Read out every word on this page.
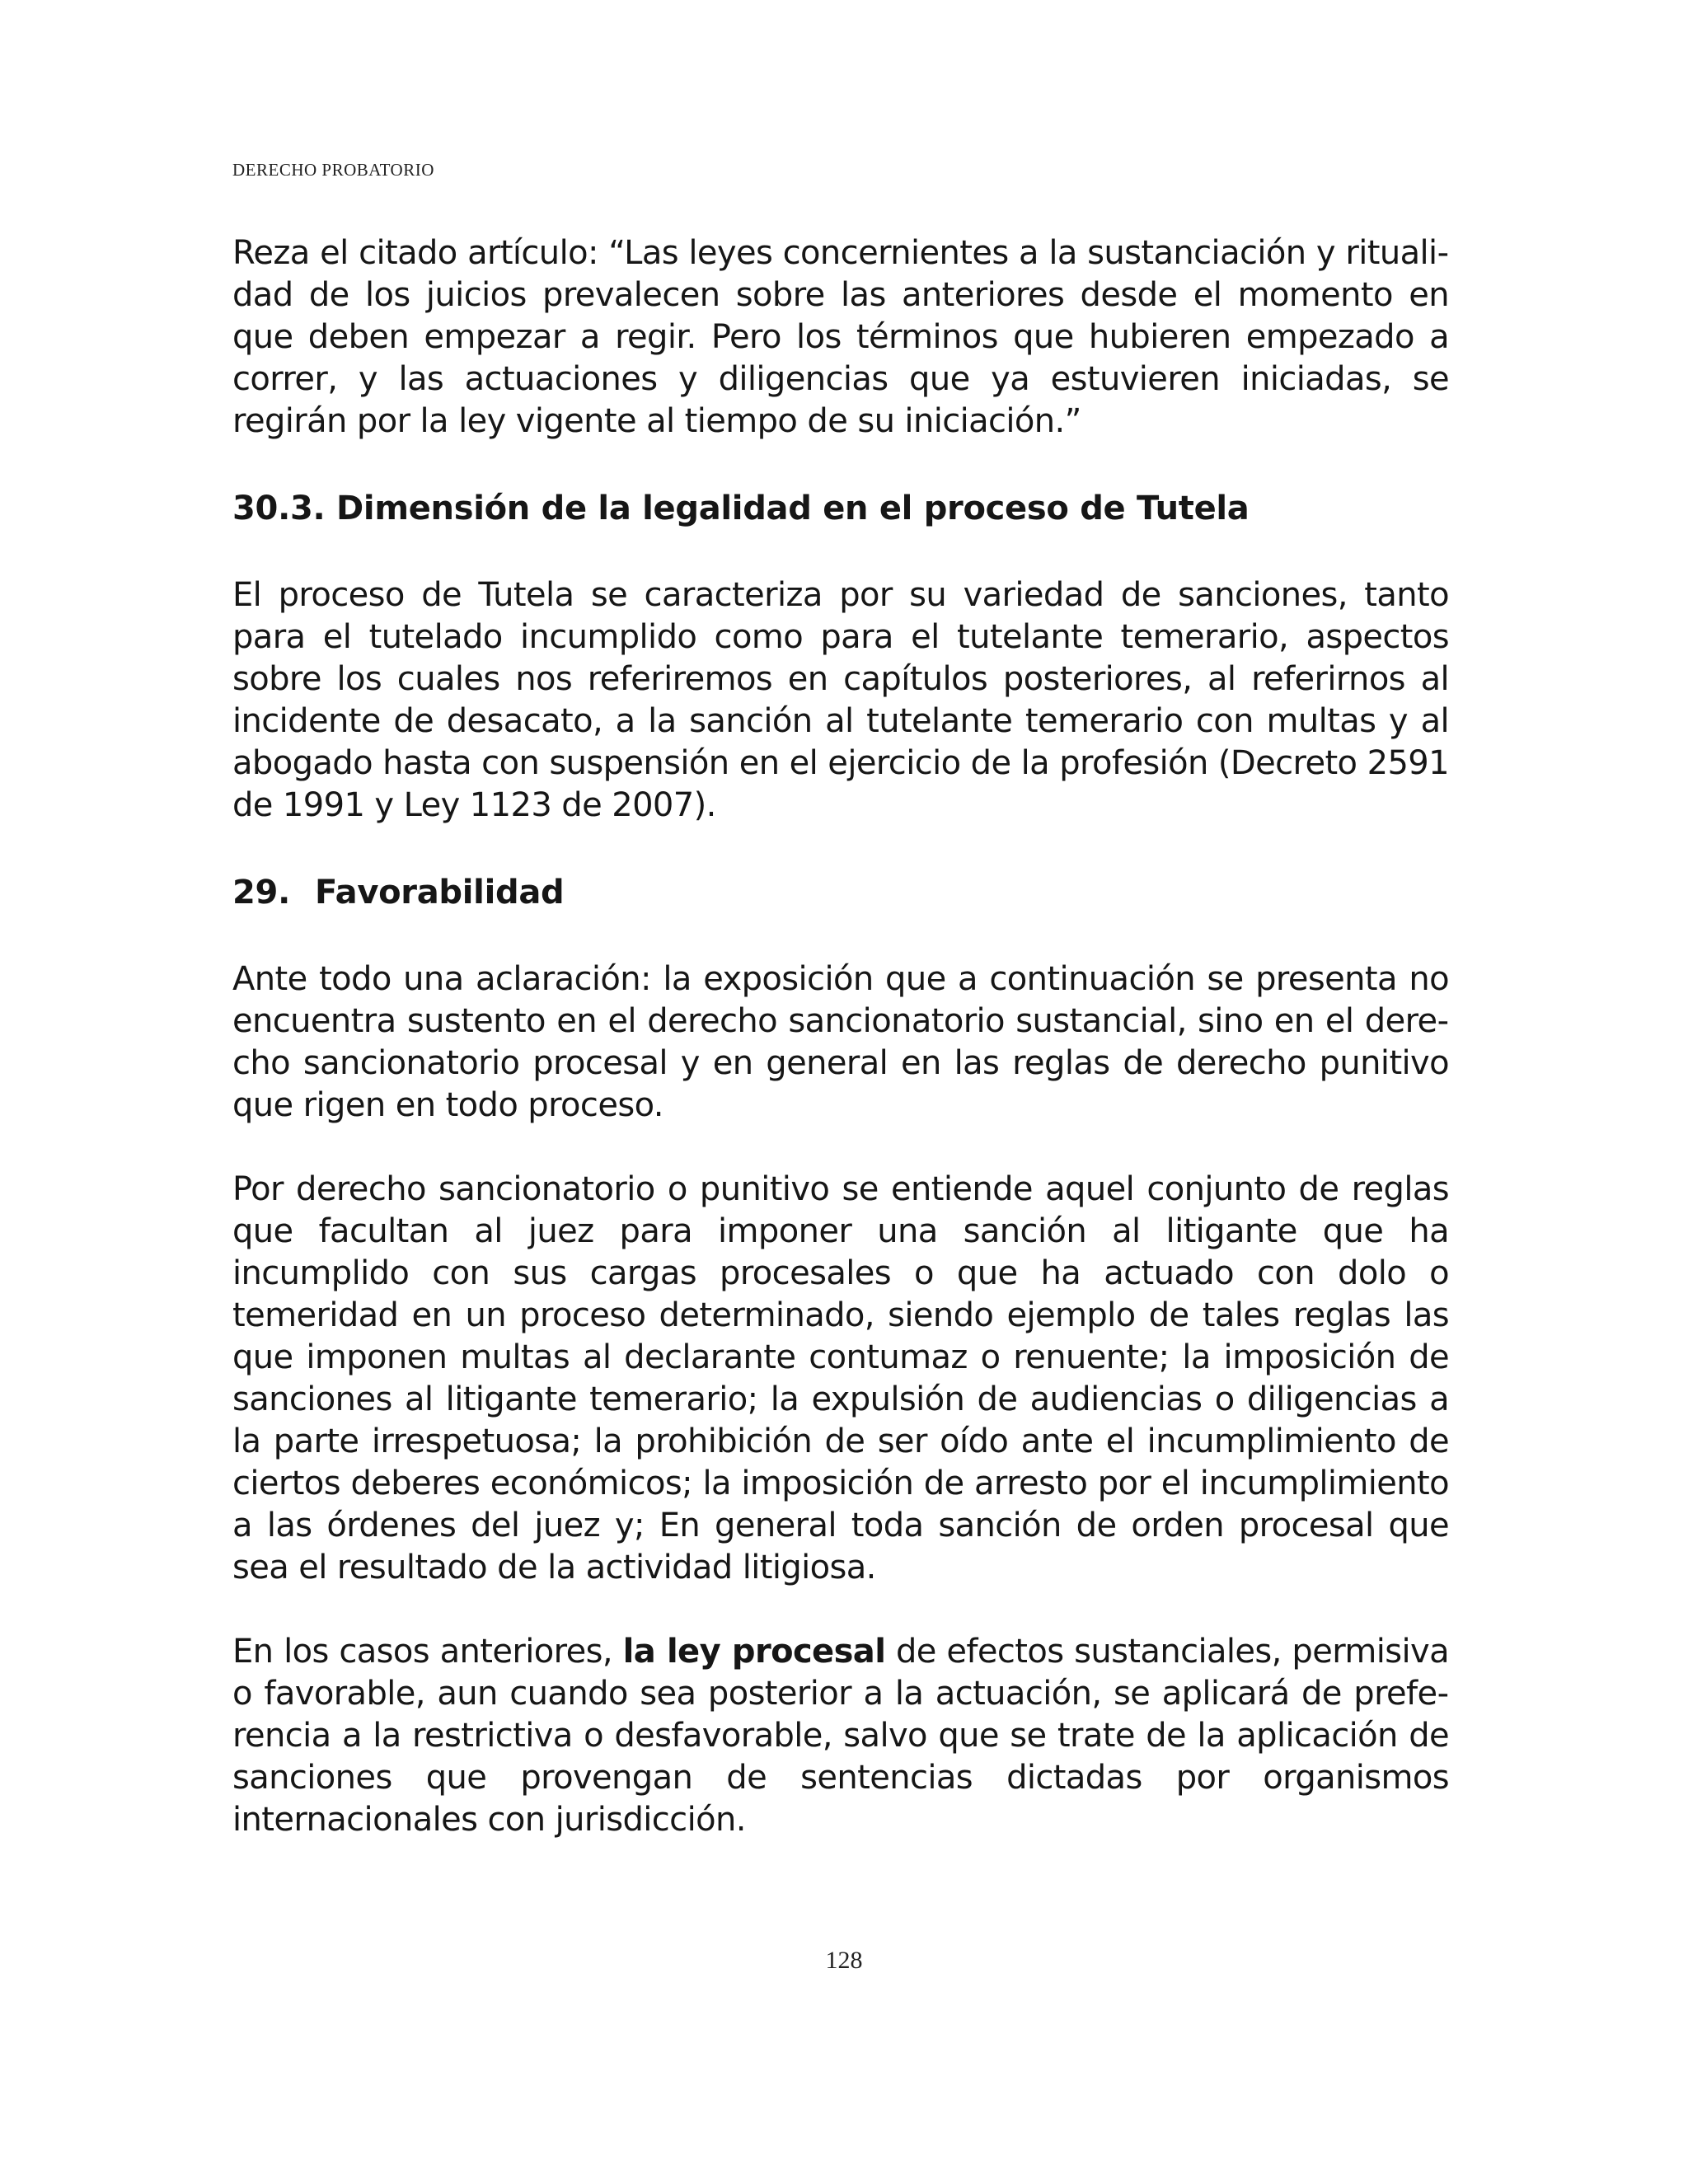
DERECHO PROBATORIO

Reza el citado artículo: “Las leyes concernientes a la sustanciación y ritualidad de los juicios prevalecen sobre las anteriores desde el momento en que deben empezar a regir. Pero los términos que hubieren empezado a correr, y las actuaciones y diligencias que ya estuvieren iniciadas, se regirán por la ley vigente al tiempo de su iniciación.”

30.3. Dimensión de la legalidad en el proceso de Tutela

El proceso de Tutela se caracteriza por su variedad de sanciones, tanto para el tutelado incumplido como para el tutelante temerario, aspectos sobre los cuales nos referiremos en capítulos posteriores, al referirnos al incidente de desacato, a la sanción al tutelante temerario con multas y al abogado hasta con suspensión en el ejercicio de la profesión (Decreto 2591 de 1991 y Ley 1123 de 2007).

29. Favorabilidad

Ante todo una aclaración: la exposición que a continuación se presenta no encuentra sustento en el derecho sancionatorio sustancial, sino en el derecho sancionatorio procesal y en general en las reglas de derecho punitivo que rigen en todo proceso.

Por derecho sancionatorio o punitivo se entiende aquel conjunto de reglas que facultan al juez para imponer una sanción al litigante que ha incumplido con sus cargas procesales o que ha actuado con dolo o temeridad en un proceso determinado, siendo ejemplo de tales reglas las que imponen multas al declarante contumaz o renuente; la imposición de sanciones al litigante temerario; la expulsión de audiencias o diligencias a la parte irrespetuosa; la prohibición de ser oído ante el incumplimiento de ciertos deberes económicos; la imposición de arresto por el incumplimiento a las órdenes del juez y; En general toda sanción de orden procesal que sea el resultado de la actividad litigiosa.

En los casos anteriores, la ley procesal de efectos sustanciales, permisiva o favorable, aun cuando sea posterior a la actuación, se aplicará de preferencia a la restrictiva o desfavorable, salvo que se trate de la aplicación de sanciones que provengan de sentencias dictadas por organismos internacionales con jurisdicción.

128
